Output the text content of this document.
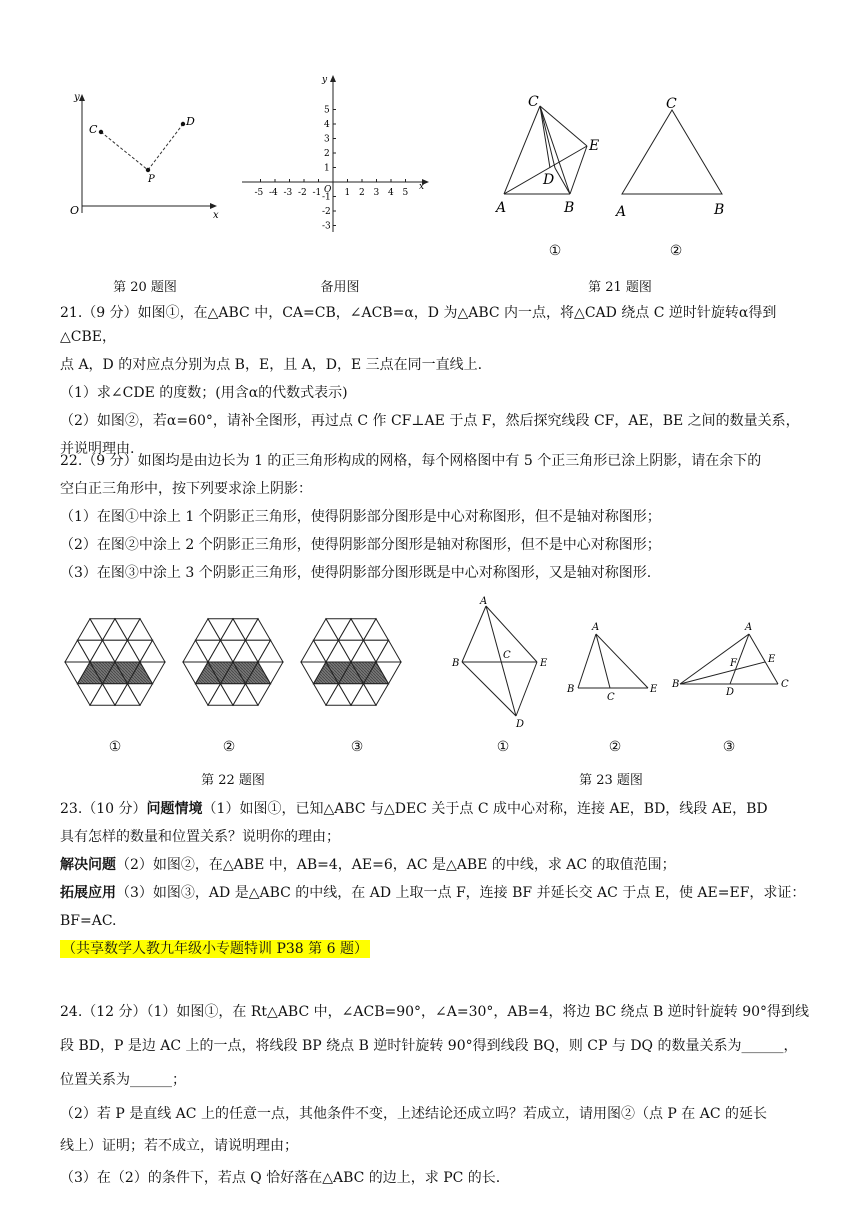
y
x
O
C
D
P
y
x
O
-5 -4 -3 -2 -1	1 2 3 4 5
5
4
3
2
1
-1
-2
-3
C
A	B
D
E
C
A	B
①	②
第 20 题图	备用图	第 21 题图
21.（9 分）如图①，在△ABC 中，CA=CB，∠ACB=α，D 为△ABC 内一点，将△CAD 绕点 C 逆时针旋转α得到△CBE，
点 A，D 的对应点分别为点 B，E，且 A，D，E 三点在同一直线上.
（1）求∠CDE 的度数；(用含α的代数式表示)
（2）如图②，若α=60°，请补全图形，再过点 C 作 CF⊥AE 于点 F，然后探究线段 CF，AE，BE 之间的数量关系，
并说明理由.
22.（9 分）如图均是由边长为 1 的正三角形构成的网格，每个网格图中有 5 个正三角形已涂上阴影，请在余下的
空白正三角形中，按下列要求涂上阴影：
（1）在图①中涂上 1 个阴影正三角形，使得阴影部分图形是中心对称图形，但不是轴对称图形；
（2）在图②中涂上 2 个阴影正三角形，使得阴影部分图形是轴对称图形，但不是中心对称图形；
（3）在图③中涂上 3 个阴影正三角形，使得阴影部分图形既是中心对称图形，又是轴对称图形.
①	②	③
第 22 题图
A
B
C
E
D
A
B
C
E
A
B	C
D
E
F
①	②	③
第 23 题图
23.（10 分）问题情境（1）如图①，已知△ABC 与△DEC 关于点 C 成中心对称，连接 AE，BD，线段 AE，BD
具有怎样的数量和位置关系？说明你的理由；
解决问题（2）如图②，在△ABE 中，AB=4，AE=6，AC 是△ABE 的中线，求 AC 的取值范围；
拓展应用（3）如图③，AD 是△ABC 的中线，在 AD 上取一点 F，连接 BF 并延长交 AC 于点 E，使 AE=EF，求证：
BF=AC.
（共享数学人教九年级小专题特训 P38 第 6 题）
24.（12 分）（1）如图①，在 Rt△ABC 中，∠ACB=90°，∠A=30°，AB=4，将边 BC 绕点 B 逆时针旋转 90°得到线
段 BD，P 是边 AC 上的一点，将线段 BP 绕点 B 逆时针旋转 90°得到线段 BQ，则 CP 与 DQ 的数量关系为______，
位置关系为______；
（2）若 P 是直线 AC 上的任意一点，其他条件不变，上述结论还成立吗？若成立，请用图②（点 P 在 AC 的延长
线上）证明；若不成立，请说明理由；
（3）在（2）的条件下，若点 Q 恰好落在△ABC 的边上，求 PC 的长.
